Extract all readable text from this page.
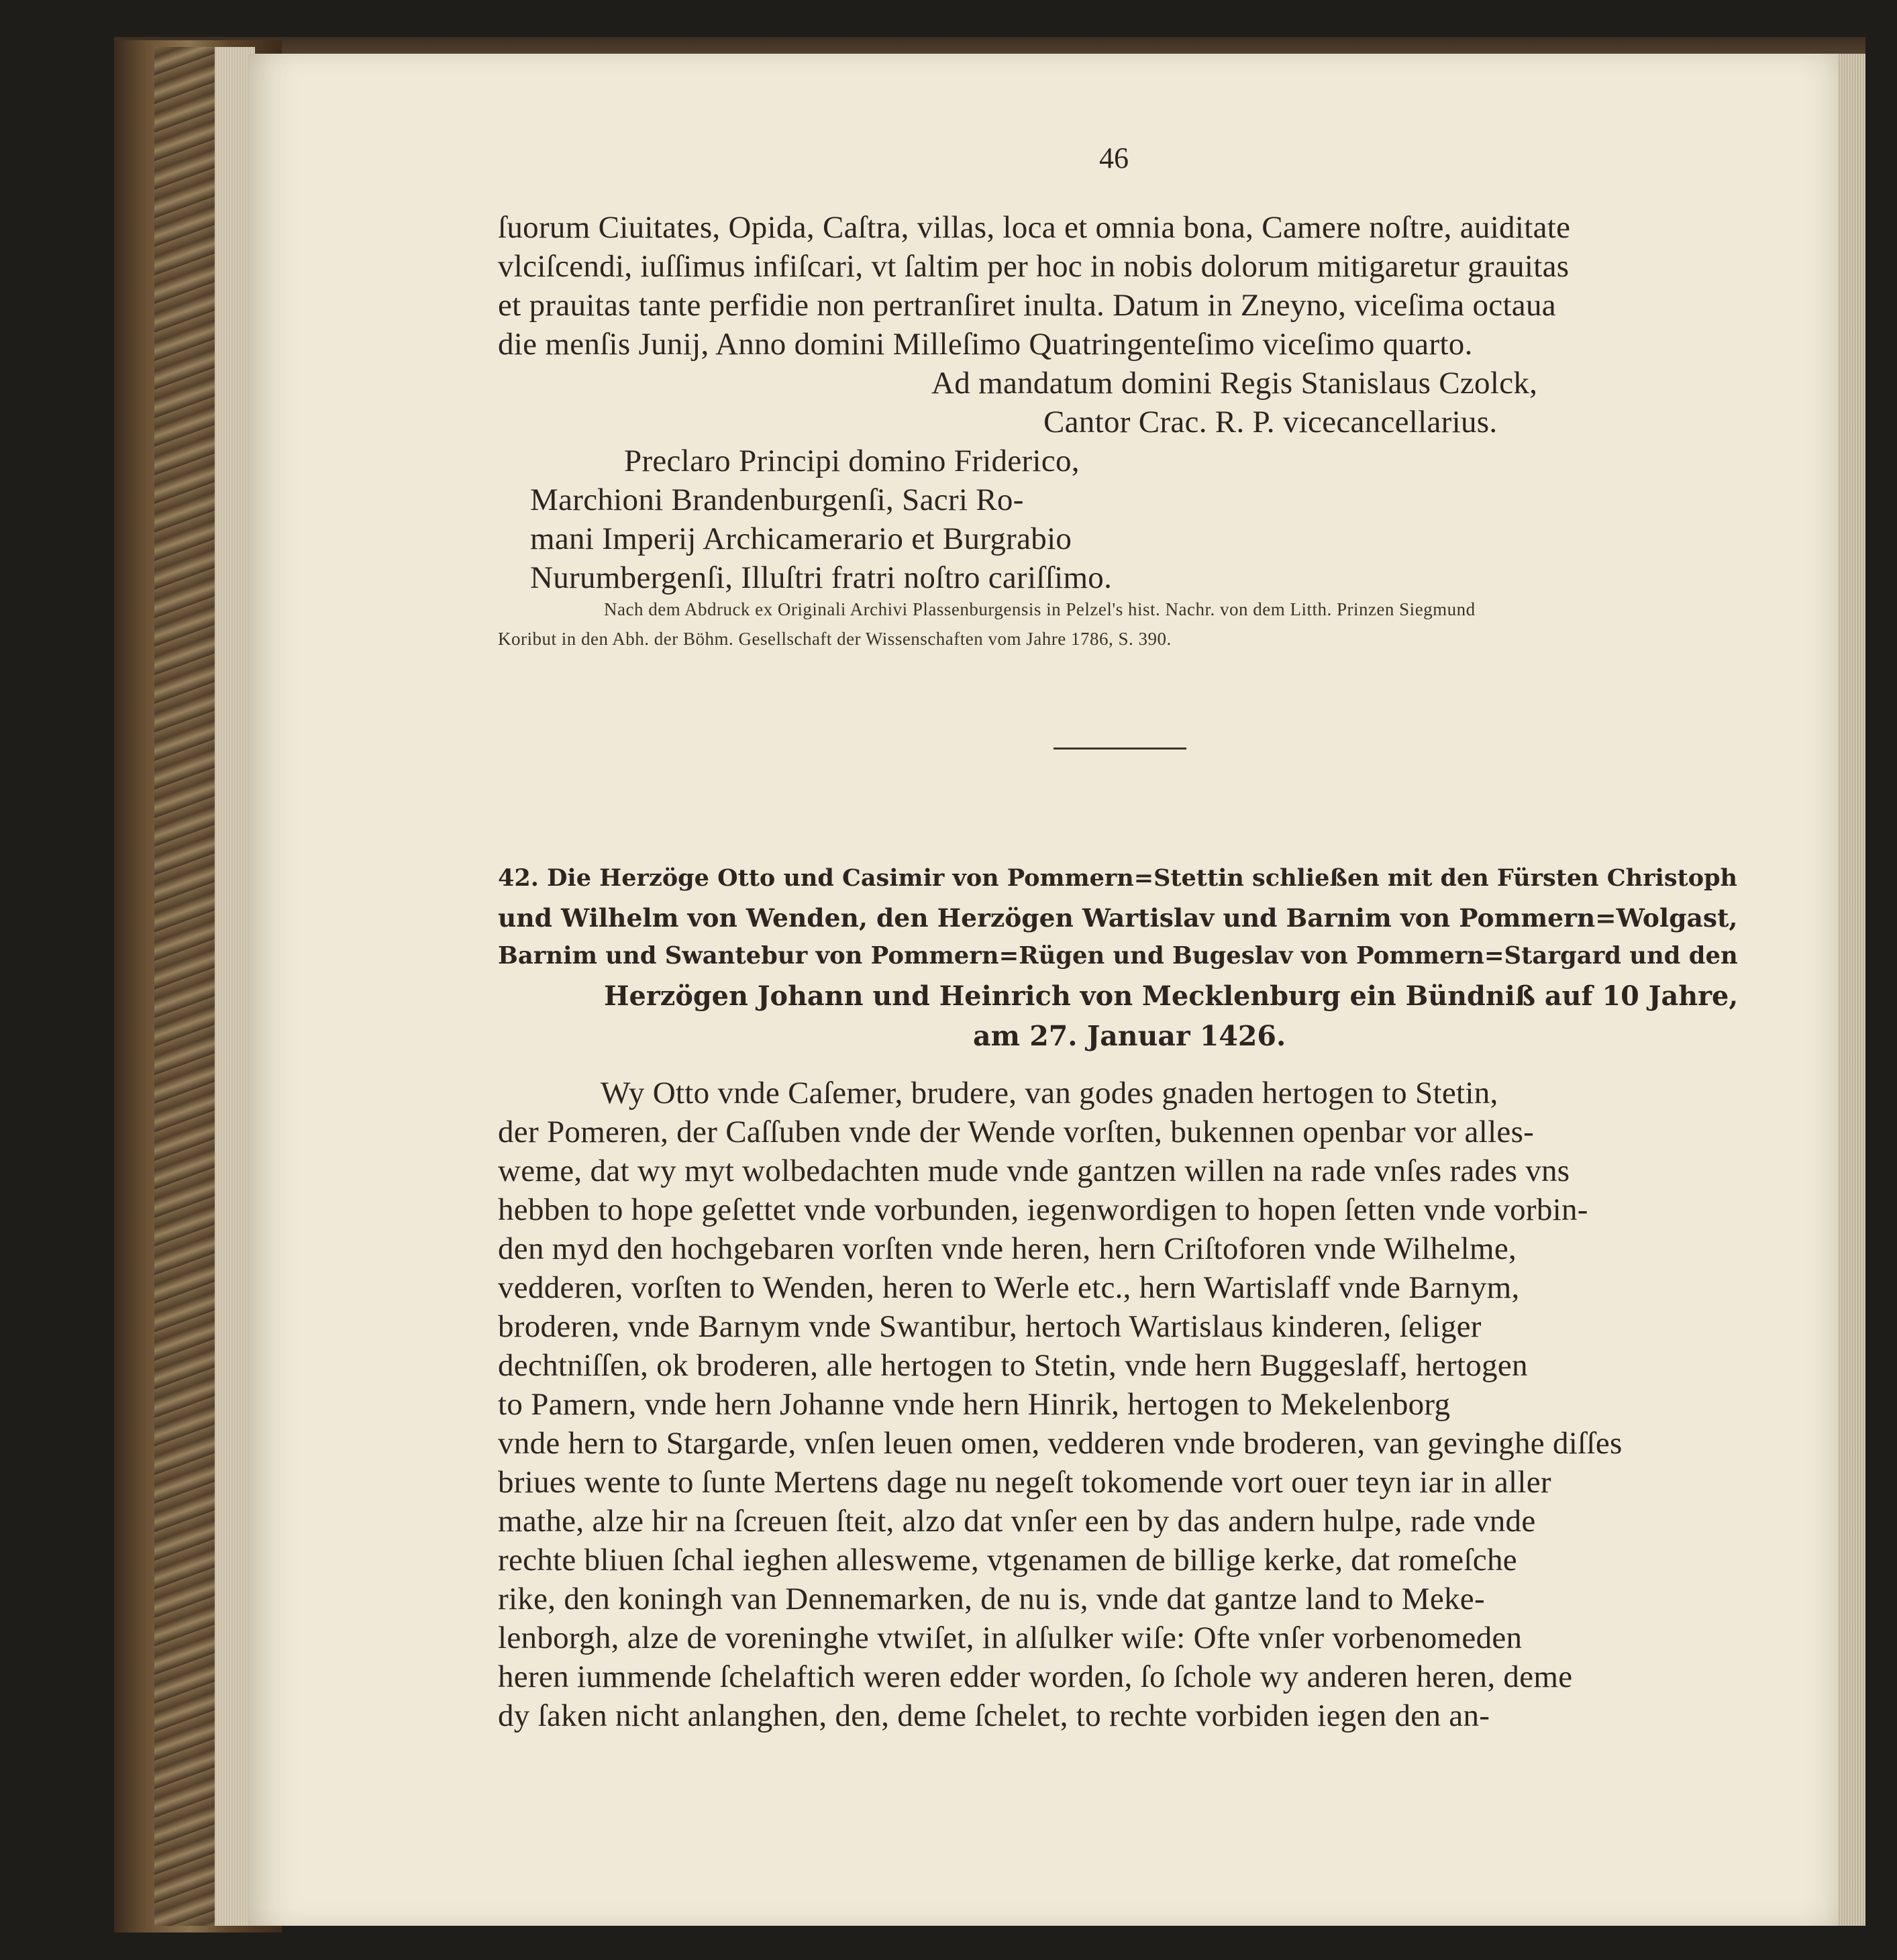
46
ſuorum Ciuitates, Opida, Caſtra, villas, loca et omnia bona, Camere noſtre, auiditate
vlciſcendi, iuſſimus infiſcari, vt ſaltim per hoc in nobis dolorum mitigaretur grauitas
et prauitas tante perfidie non pertranſiret inulta. Datum in Zneyno, viceſima octaua
die menſis Junij, Anno domini Milleſimo Quatringenteſimo viceſimo quarto.
Ad mandatum domini Regis Stanislaus Czolck,
Cantor Crac. R. P. vicecancellarius.
Preclaro Principi domino Friderico,
Marchioni Brandenburgenſi, Sacri Ro-
mani Imperij Archicamerario et Burgrabio
Nurumbergenſi, Illuſtri fratri noſtro cariſſimo.
Nach dem Abdruck ex Originali Archivi Plassenburgensis in Pelzel's hist. Nachr. von dem Litth. Prinzen Siegmund
Koribut in den Abh. der Böhm. Gesellschaft der Wissenschaften vom Jahre 1786, S. 390.
42. Die Herzöge Otto und Casimir von Pommern=Stettin schließen mit den Fürsten Christoph
und Wilhelm von Wenden, den Herzögen Wartislav und Barnim von Pommern=Wolgast,
Barnim und Swantebur von Pommern=Rügen und Bugeslav von Pommern=Stargard und den
Herzögen Johann und Heinrich von Mecklenburg ein Bündniß auf 10 Jahre,
am 27. Januar 1426.
Wy Otto vnde Caſemer, brudere, van godes gnaden hertogen to Stetin,
der Pomeren, der Caſſuben vnde der Wende vorſten, bukennen openbar vor alles-
weme, dat wy myt wolbedachten mude vnde gantzen willen na rade vnſes rades vns
hebben to hope geſettet vnde vorbunden, iegenwordigen to hopen ſetten vnde vorbin-
den myd den hochgebaren vorſten vnde heren, hern Criſtoforen vnde Wilhelme,
vedderen, vorſten to Wenden, heren to Werle etc., hern Wartislaff vnde Barnym,
broderen, vnde Barnym vnde Swantibur, hertoch Wartislaus kinderen, ſeliger
dechtniſſen, ok broderen, alle hertogen to Stetin, vnde hern Buggeslaff, hertogen
to Pamern, vnde hern Johanne vnde hern Hinrik, hertogen to Mekelenborg
vnde hern to Stargarde, vnſen leuen omen, vedderen vnde broderen, van gevinghe diſſes
briues wente to ſunte Mertens dage nu negeſt tokomende vort ouer teyn iar in aller
mathe, alze hir na ſcreuen ſteit, alzo dat vnſer een by das andern hulpe, rade vnde
rechte bliuen ſchal ieghen allesweme, vtgenamen de billige kerke, dat romeſche
rike, den koningh van Dennemarken, de nu is, vnde dat gantze land to Meke-
lenborgh, alze de voreninghe vtwiſet, in alſulker wiſe: Ofte vnſer vorbenomeden
heren iummende ſchelaftich weren edder worden, ſo ſchole wy anderen heren, deme
dy ſaken nicht anlanghen, den, deme ſchelet, to rechte vorbiden iegen den an-
